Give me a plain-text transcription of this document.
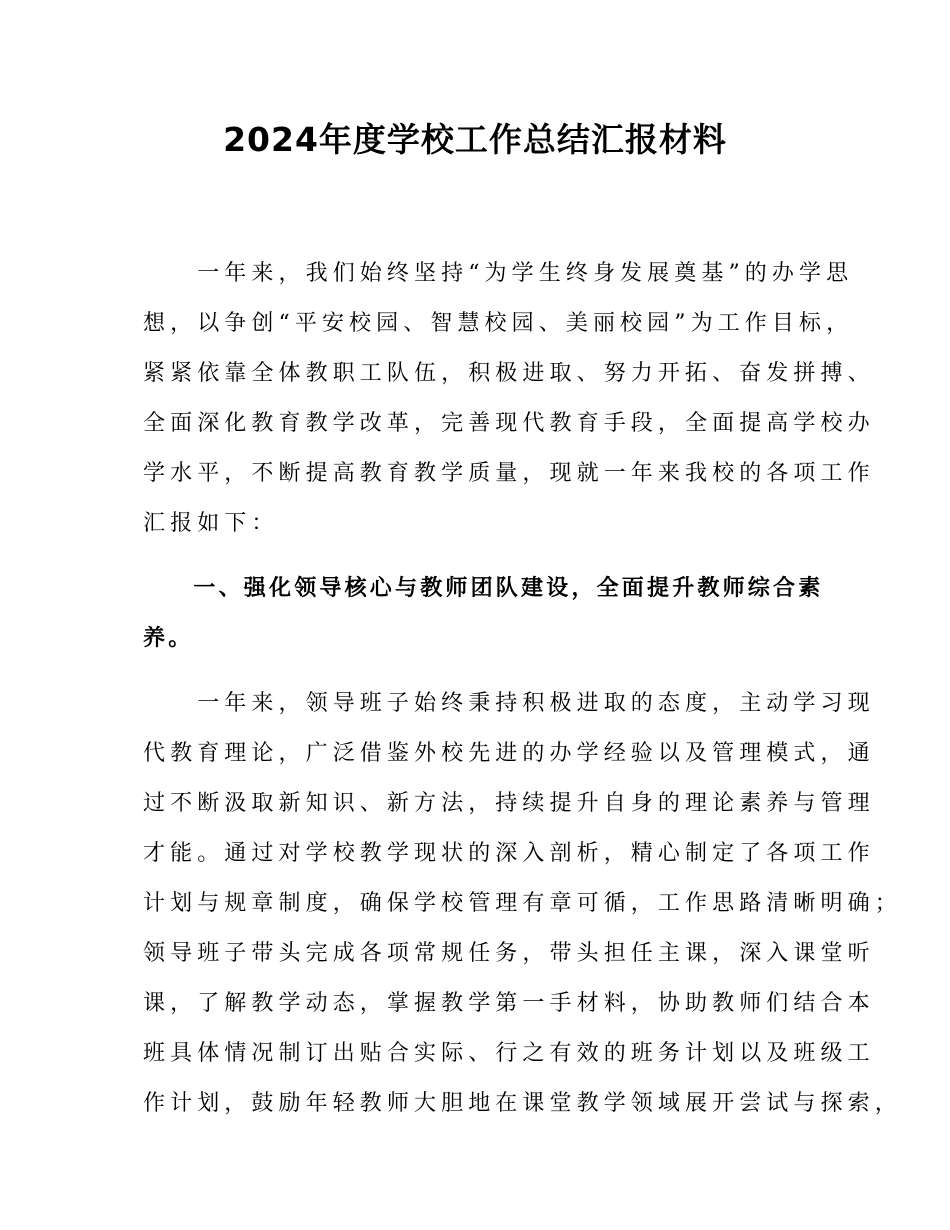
2024年度学校工作总结汇报材料

　　一年来，我们始终坚持“为学生终身发展奠基”的办学思

想，以争创“平安校园、智慧校园、美丽校园”为工作目标，

紧紧依靠全体教职工队伍，积极进取、努力开拓、奋发拼搏、

全面深化教育教学改革，完善现代教育手段，全面提高学校办

学水平，不断提高教育教学质量，现就一年来我校的各项工作

汇报如下：

　　一、强化领导核心与教师团队建设，全面提升教师综合素

养。

　　一年来，领导班子始终秉持积极进取的态度，主动学习现

代教育理论，广泛借鉴外校先进的办学经验以及管理模式，通

过不断汲取新知识、新方法，持续提升自身的理论素养与管理

才能。通过对学校教学现状的深入剖析，精心制定了各项工作

计划与规章制度，确保学校管理有章可循，工作思路清晰明确；

领导班子带头完成各项常规任务，带头担任主课，深入课堂听

课，了解教学动态，掌握教学第一手材料，协助教师们结合本

班具体情况制订出贴合实际、行之有效的班务计划以及班级工

作计划，鼓励年轻教师大胆地在课堂教学领域展开尝试与探索，
